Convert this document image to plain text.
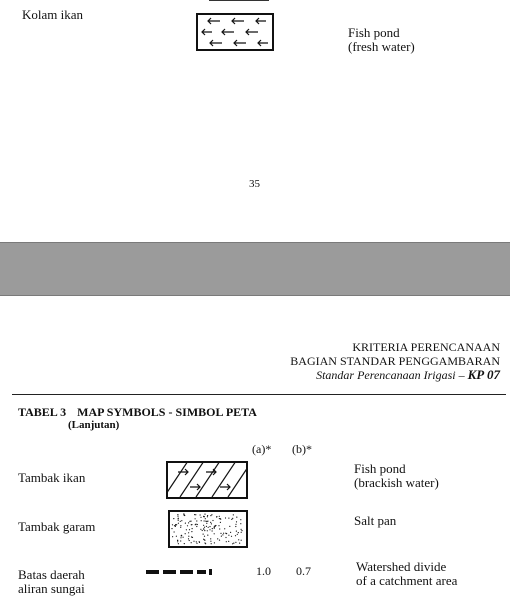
Kolam ikan
Fish pond
(fresh water)
35
KRITERIA PERENCANAAN
BAGIAN STANDAR PENGGAMBARAN
Standar Perencanaan Irigasi – KP 07
TABEL 3 MAP SYMBOLS - SIMBOL PETA
(Lanjutan)
(a)* (b)*
Tambak ikan
Fish pond
(brackish water)
Tambak garam	Salt pan
Batas daerah
aliran sungai
1.0 0.7	Watershed divide
of a catchment area
